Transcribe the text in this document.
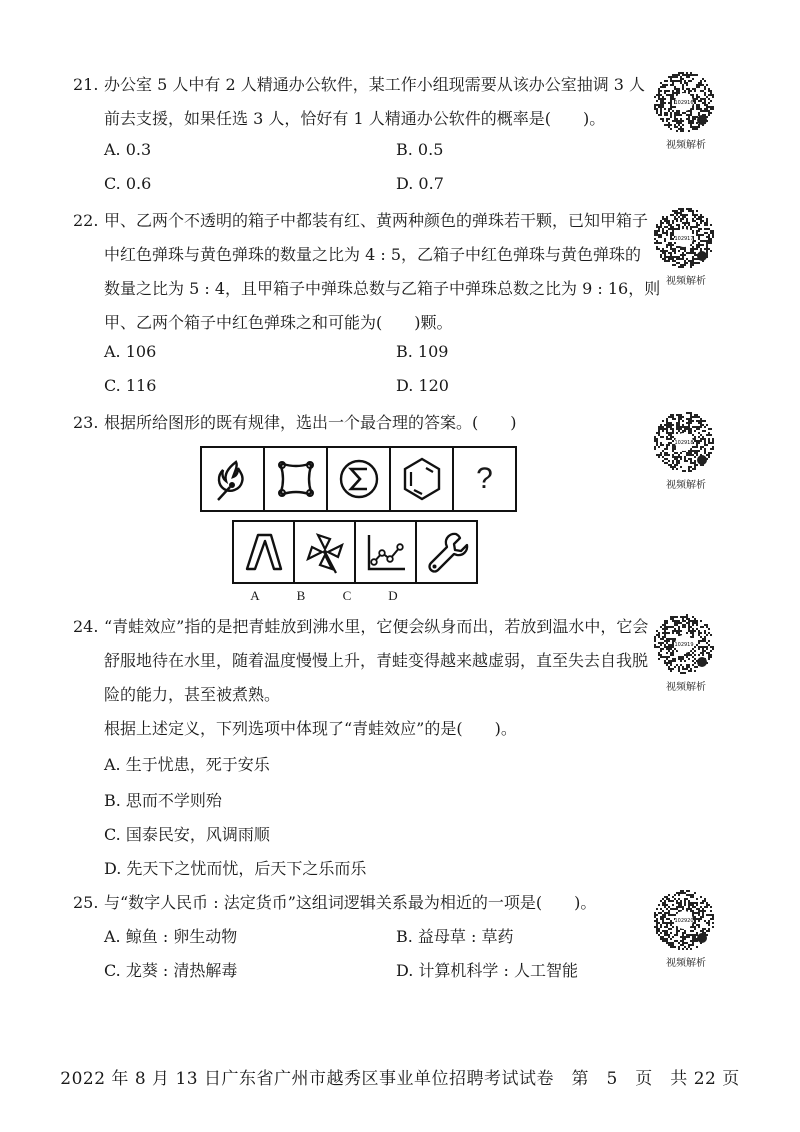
21. 办公室 5 人中有 2 人精通办公软件，某工作小组现需要从该办公室抽调 3 人
前去支援，如果任选 3 人，恰好有 1 人精通办公软件的概率是(　　)。
A. 0.3	B. 0.5
C. 0.6	D. 0.7
102916
视频解析
22. 甲、乙两个不透明的箱子中都装有红、黄两种颜色的弹珠若干颗，已知甲箱子
中红色弹珠与黄色弹珠的数量之比为 4 : 5，乙箱子中红色弹珠与黄色弹珠的
数量之比为 5 : 4，且甲箱子中弹珠总数与乙箱子中弹珠总数之比为 9 : 16，则
甲、乙两个箱子中红色弹珠之和可能为(　　)颗。
A. 106	B. 109
C. 116	D. 120
102917
视频解析
23. 根据所给图形的既有规律，选出一个最合理的答案。(　　)
102918
视频解析
?
A	B	C	D
24. “青蛙效应”指的是把青蛙放到沸水里，它便会纵身而出，若放到温水中，它会
舒服地待在水里，随着温度慢慢上升，青蛙变得越来越虚弱，直至失去自我脱
险的能力，甚至被煮熟。
根据上述定义，下列选项中体现了“青蛙效应”的是(　　)。
A. 生于忧患，死于安乐
B. 思而不学则殆
C. 国泰民安，风调雨顺
D. 先天下之忧而忧，后天下之乐而乐
102919
视频解析
25. 与“数字人民币 : 法定货币”这组词逻辑关系最为相近的一项是(　　)。
A. 鲸鱼 : 卵生动物	B. 益母草 : 草药
C. 龙葵 : 清热解毒	D. 计算机科学 : 人工智能
102920
视频解析
2022 年 8 月 13 日广东省广州市越秀区事业单位招聘考试试卷　第　5　页　共 22 页
